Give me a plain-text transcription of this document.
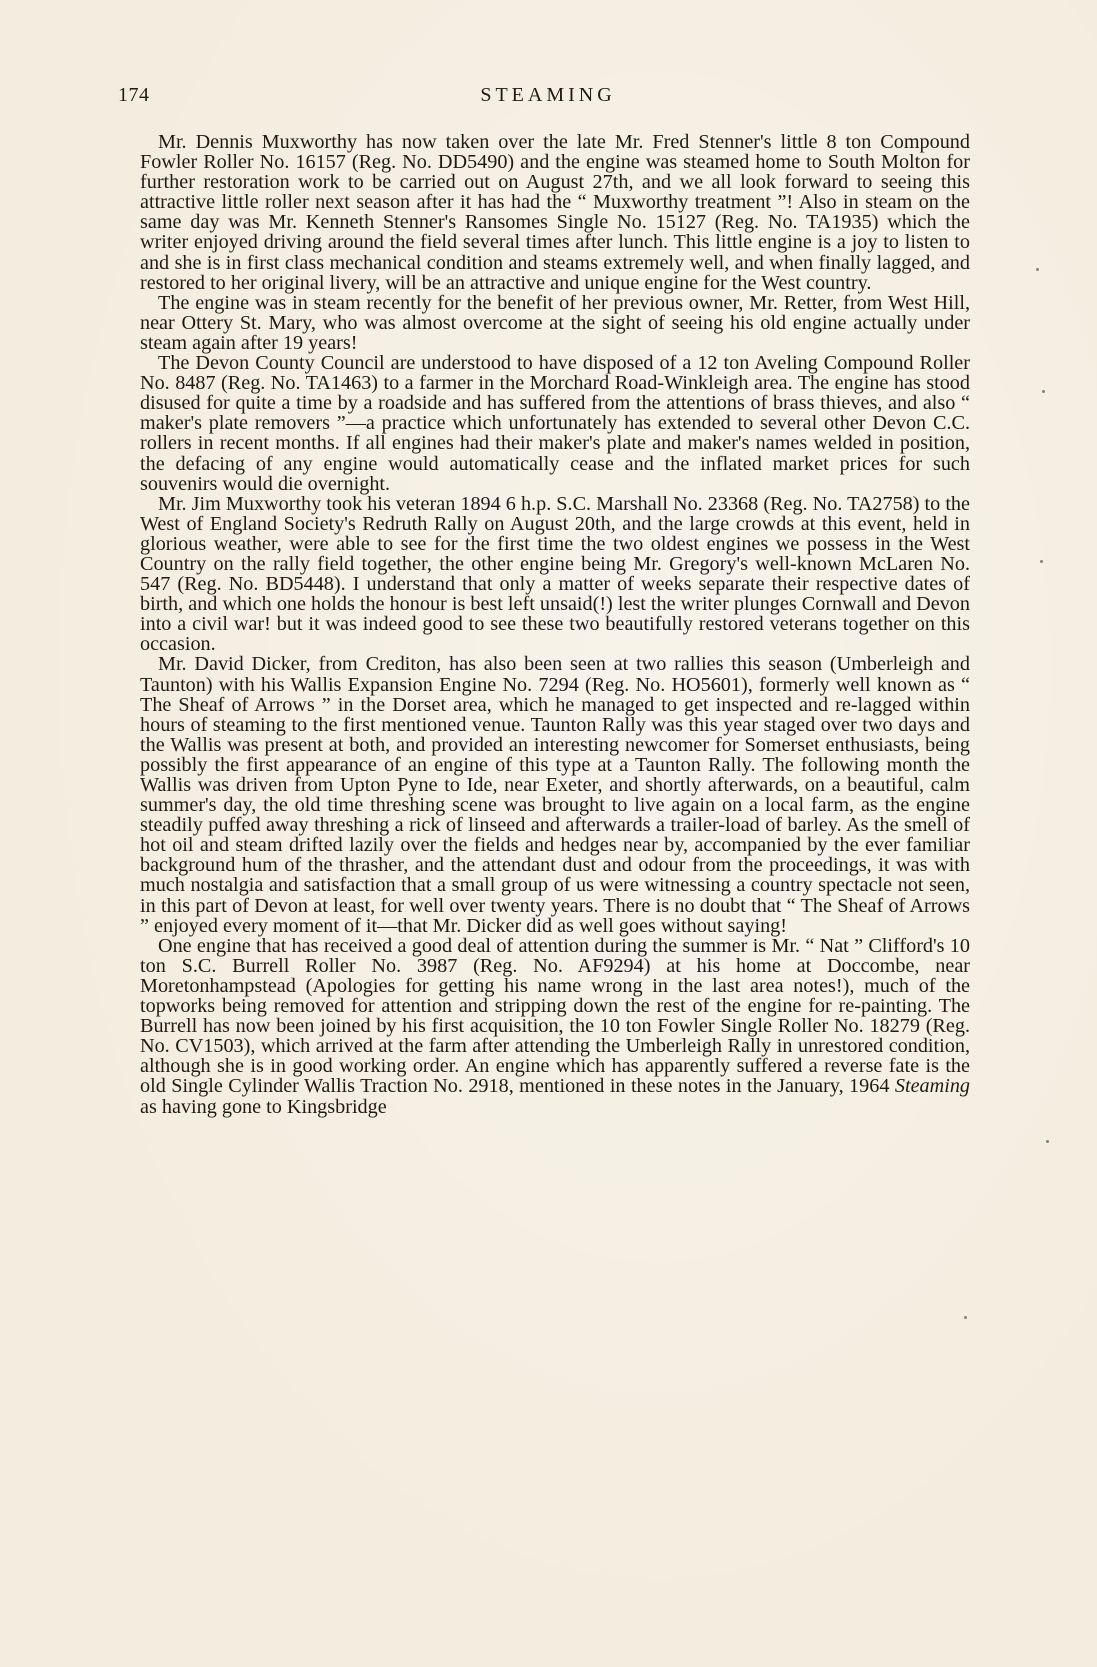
174	STEAMING

Mr. Dennis Muxworthy has now taken over the late Mr. Fred Stenner's little 8 ton Compound Fowler Roller No. 16157 (Reg. No. DD5490) and the engine was steamed home to South Molton for further restoration work to be carried out on August 27th, and we all look forward to seeing this attractive little roller next season after it has had the “ Muxworthy treatment ”! Also in steam on the same day was Mr. Kenneth Stenner's Ransomes Single No. 15127 (Reg. No. TA1935) which the writer enjoyed driving around the field several times after lunch. This little engine is a joy to listen to and she is in first class mechanical condition and steams extremely well, and when finally lagged, and restored to her original livery, will be an attractive and unique engine for the West country.

The engine was in steam recently for the benefit of her previous owner, Mr. Retter, from West Hill, near Ottery St. Mary, who was almost overcome at the sight of seeing his old engine actually under steam again after 19 years!

The Devon County Council are understood to have disposed of a 12 ton Aveling Compound Roller No. 8487 (Reg. No. TA1463) to a farmer in the Morchard Road-Winkleigh area. The engine has stood disused for quite a time by a roadside and has suffered from the attentions of brass thieves, and also “ maker's plate removers ”—a practice which unfortunately has extended to several other Devon C.C. rollers in recent months. If all engines had their maker's plate and maker's names welded in position, the defacing of any engine would automatically cease and the inflated market prices for such souvenirs would die overnight.

Mr. Jim Muxworthy took his veteran 1894 6 h.p. S.C. Marshall No. 23368 (Reg. No. TA2758) to the West of England Society's Redruth Rally on August 20th, and the large crowds at this event, held in glorious weather, were able to see for the first time the two oldest engines we possess in the West Country on the rally field together, the other engine being Mr. Gregory's well-known McLaren No. 547 (Reg. No. BD5448). I understand that only a matter of weeks separate their respective dates of birth, and which one holds the honour is best left unsaid(!) lest the writer plunges Cornwall and Devon into a civil war! but it was indeed good to see these two beautifully restored veterans together on this occasion.

Mr. David Dicker, from Crediton, has also been seen at two rallies this season (Umberleigh and Taunton) with his Wallis Expansion Engine No. 7294 (Reg. No. HO5601), formerly well known as “ The Sheaf of Arrows ” in the Dorset area, which he managed to get inspected and re-lagged within hours of steaming to the first mentioned venue. Taunton Rally was this year staged over two days and the Wallis was present at both, and provided an interesting newcomer for Somerset enthusiasts, being possibly the first appearance of an engine of this type at a Taunton Rally. The following month the Wallis was driven from Upton Pyne to Ide, near Exeter, and shortly afterwards, on a beautiful, calm summer's day, the old time threshing scene was brought to live again on a local farm, as the engine steadily puffed away threshing a rick of linseed and afterwards a trailer-load of barley. As the smell of hot oil and steam drifted lazily over the fields and hedges near by, accompanied by the ever familiar background hum of the thrasher, and the attendant dust and odour from the proceedings, it was with much nostalgia and satisfaction that a small group of us were witnessing a country spectacle not seen, in this part of Devon at least, for well over twenty years. There is no doubt that “ The Sheaf of Arrows ” enjoyed every moment of it—that Mr. Dicker did as well goes without saying!

One engine that has received a good deal of attention during the summer is Mr. “ Nat ” Clifford's 10 ton S.C. Burrell Roller No. 3987 (Reg. No. AF9294) at his home at Doccombe, near Moretonhampstead (Apologies for getting his name wrong in the last area notes!), much of the topworks being removed for attention and stripping down the rest of the engine for re-painting. The Burrell has now been joined by his first acquisition, the 10 ton Fowler Single Roller No. 18279 (Reg. No. CV1503), which arrived at the farm after attending the Umberleigh Rally in unrestored condition, although she is in good working order. An engine which has apparently suffered a reverse fate is the old Single Cylinder Wallis Traction No. 2918, mentioned in these notes in the January, 1964 Steaming as having gone to Kingsbridge
